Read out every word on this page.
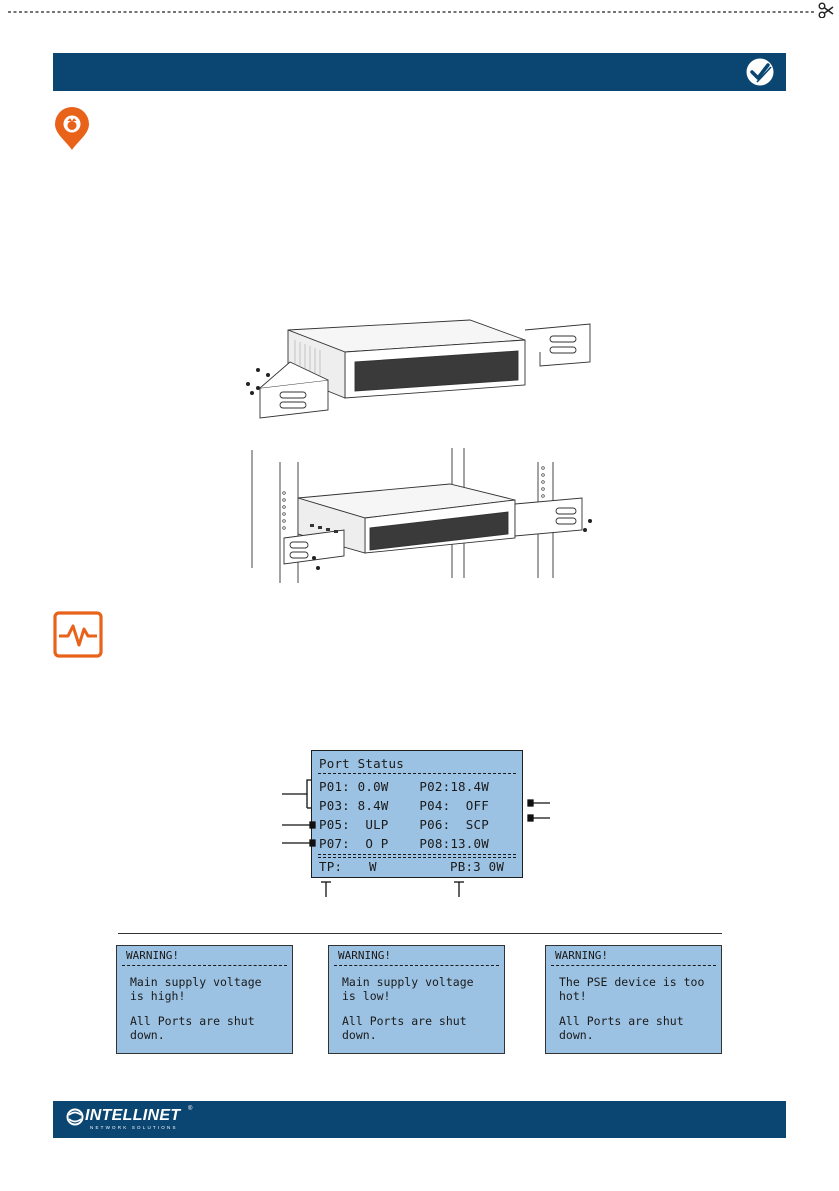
Port Status
P01: 0.0W    P02:18.4W
P03: 8.4W    P04:  OFF
P05:  ULP    P06:  SCP
P07:  O P    P08:13.0W
TP: W	PB:3 0W
WARNING!
Main supply voltage
is high!
All Ports are shut
down.
WARNING!
Main supply voltage
is low!
All Ports are shut
down.
WARNING!
The PSE device is too
hot!
All Ports are shut
down.
INTELLINET
NETWORK SOLUTIONS
®
